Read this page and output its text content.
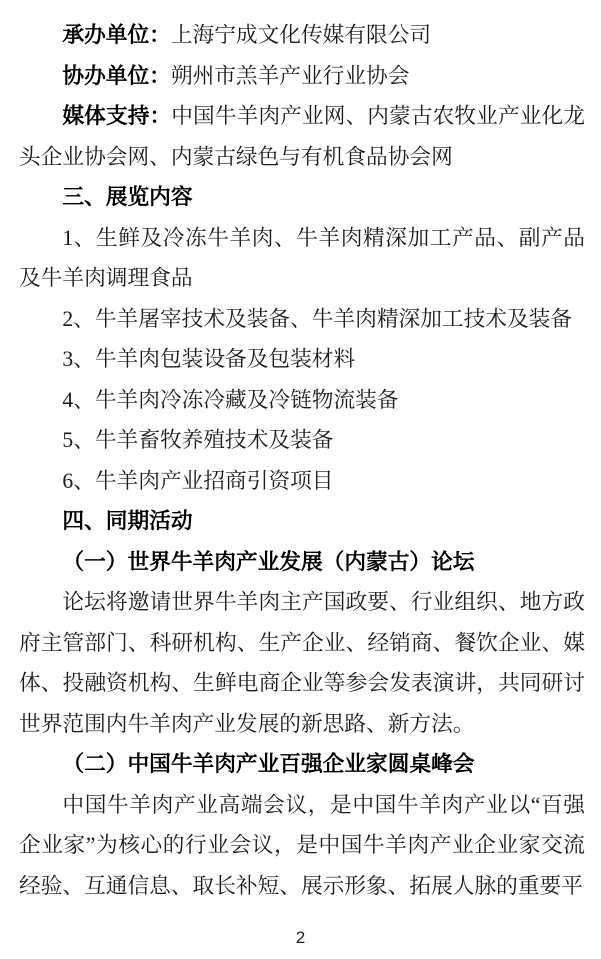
承办单位：上海宁成文化传媒有限公司

协办单位：朔州市羔羊产业行业协会

媒体支持：中国牛羊肉产业网、内蒙古农牧业产业化龙头企业协会网、内蒙古绿色与有机食品协会网

三、展览内容

1、生鲜及冷冻牛羊肉、牛羊肉精深加工产品、副产品及牛羊肉调理食品

2、牛羊屠宰技术及装备、牛羊肉精深加工技术及装备

3、牛羊肉包装设备及包装材料

4、牛羊肉冷冻冷藏及冷链物流装备

5、牛羊畜牧养殖技术及装备

6、牛羊肉产业招商引资项目

四、同期活动
（一）世界牛羊肉产业发展（内蒙古）论坛

论坛将邀请世界牛羊肉主产国政要、行业组织、地方政府主管部门、科研机构、生产企业、经销商、餐饮企业、媒体、投融资机构、生鲜电商企业等参会发表演讲，共同研讨世界范围内牛羊肉产业发展的新思路、新方法。

（二）中国牛羊肉产业百强企业家圆桌峰会

中国牛羊肉产业高端会议，是中国牛羊肉产业以“百强企业家”为核心的行业会议，是中国牛羊肉产业企业家交流经验、互通信息、取长补短、展示形象、拓展人脉的重要平

2
